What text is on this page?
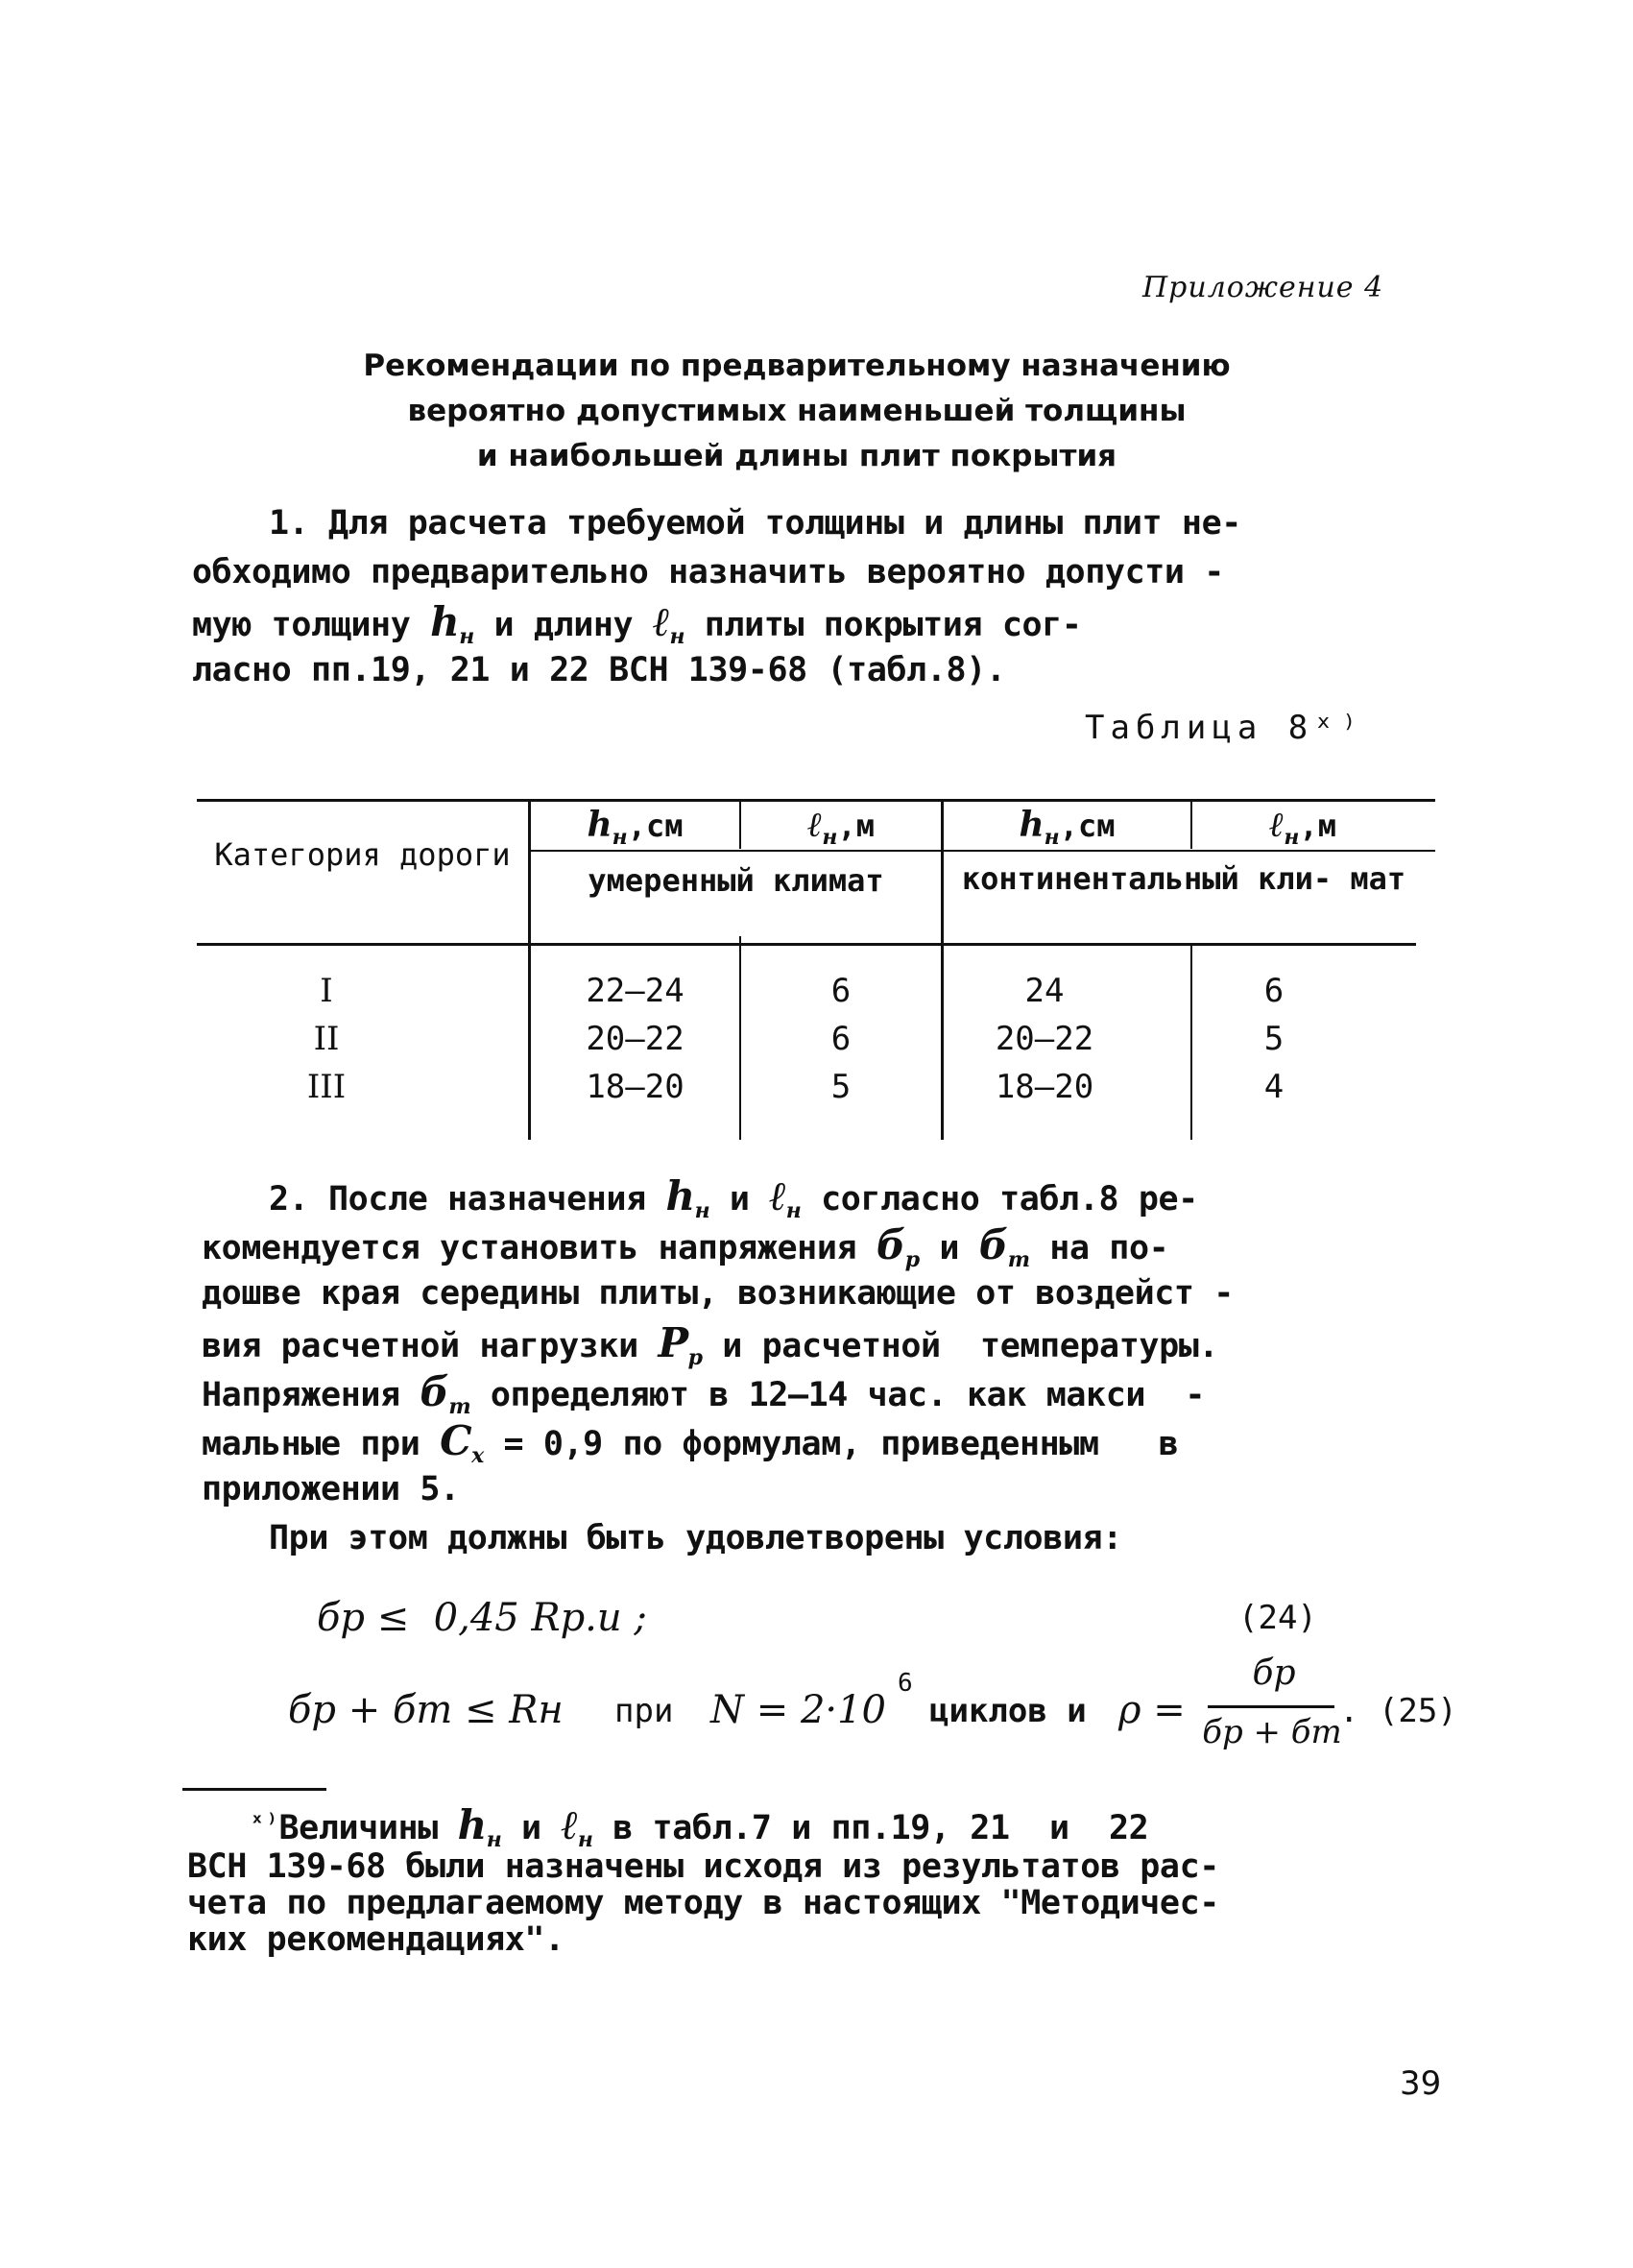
Приложение 4
Рекомендации по предварительному назначению
вероятно допустимых наименьшей толщины
и наибольшей длины плит покрытия
1. Для расчета требуемой толщины и длины плит не-
обходимо предварительно назначить вероятно допусти -
мую толщину $h_н$ и длину ℓ$_н$ плиты покрытия сог-
ласно пп.19, 21 и 22 ВСН 139-68 (табл.8).
Таблица 8ˣ⁾
Категория дороги
$h_н,см$	ℓ$_н$,м	$h_н,см$	ℓ$_н$,м
умеренный климат	континентальный кли- мат
I	22–24	6	24	6
II	20–22	6	20–22	5
III	18–20	5	18–20	4
2. После назначения $h_н$ и ℓ$_н$ согласно табл.8 ре-
комендуется установить напряжения $б_р$ и $б_т$ на по-
дошве края середины плиты, возникающие от воздейст -
вия расчетной нагрузки $P_р$ и расчетной  температуры.
Напряжения $б_т$ определяют в 12–14 час. как макси  -
мальные при $C_х = 0,9$ по формулам, приведенным   в
приложении 5.
При этом должны быть удовлетворены условия:
бр ≤  0,45 Rр.и ;	(24)
бр + бт ≤ Rн при N = 2·10
6
циклов и ρ =
бр
бр + бт
. (25)
$^{ˣ^)}$Величины $h_н$ и ℓ$_н$ в табл.7 и пп.19, 21  и  22
ВСН 139-68 были назначены исходя из результатов рас-
чета по предлагаемому методу в настоящих "Методичес-
ких рекомендациях".
39
